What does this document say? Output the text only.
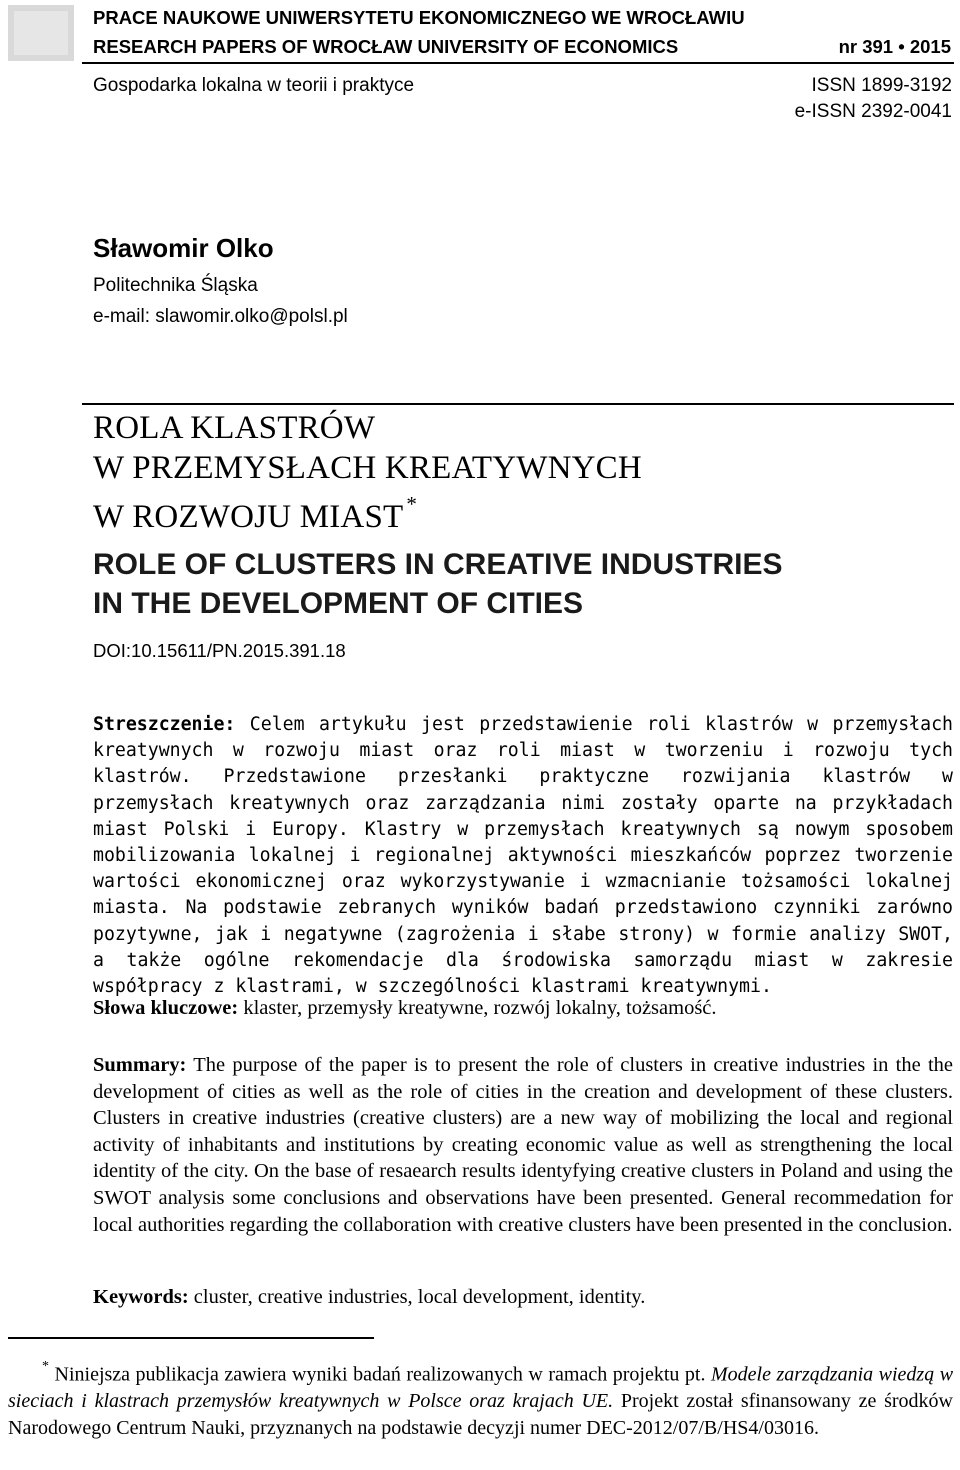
PRACE NAUKOWE UNIWERSYTETU EKONOMICZNEGO WE WROCŁAWIU
RESEARCH PAPERS OF WROCŁAW UNIVERSITY OF ECONOMICS	nr 391 • 2015
Gospodarka lokalna w teorii i praktyce	ISSN 1899-3192
e-ISSN 2392-0041
Sławomir Olko
Politechnika Śląska
e-mail: slawomir.olko@polsl.pl
ROLA KLASTRÓW
W PRZEMYSŁACH KREATYWNYCH
W ROZWOJU MIAST *
ROLE OF CLUSTERS IN CREATIVE INDUSTRIES
IN THE DEVELOPMENT OF CITIES
DOI:10.15611/PN.2015.391.18
Streszczenie: Celem artykułu jest przedstawienie roli klastrów w przemysłach kreatywnych w rozwoju miast oraz roli miast w tworzeniu i rozwoju tych klastrów. Przedstawione przesłanki praktyczne rozwijania klastrów w przemysłach kreatywnych oraz zarządzania nimi zostały oparte na przykładach miast Polski i Europy. Klastry w przemysłach kreatywnych są nowym sposobem mobilizowania lokalnej i regionalnej aktywności mieszkańców poprzez tworzenie wartości ekonomicznej oraz wykorzystywanie i wzmacnianie tożsamości lokalnej miasta. Na podstawie zebranych wyników badań przedstawiono czynniki zarówno pozytywne, jak i negatywne (zagrożenia i słabe strony) w formie analizy SWOT, a także ogólne rekomendacje dla środowiska samorządu miast w zakresie współpracy z klastrami, w szczególności klastrami kreatywnymi.
Słowa kluczowe: klaster, przemysły kreatywne, rozwój lokalny, tożsamość.
Summary: The purpose of the paper is to present the role of clusters in creative industries in the the development of cities as well as the role of cities in the creation and development of these clusters. Clusters in creative industries (creative clusters) are a new way of mobilizing the local and regional activity of inhabitants and institutions by creating economic value as well as strengthening the local identity of the city. On the base of resaearch results identyfying creative clusters in Poland and using the SWOT analysis some conclusions and observations have been presented. General recommedation for local authorities regarding the collaboration with creative clusters have been presented in the conclusion.
Keywords: cluster, creative industries, local development, identity.
* Niniejsza publikacja zawiera wyniki badań realizowanych w ramach projektu pt. Modele zarządzania wiedzą w sieciach i klastrach przemysłów kreatywnych w Polsce oraz krajach UE. Projekt został sfinansowany ze środków Narodowego Centrum Nauki, przyznanych na podstawie decyzji numer DEC-2012/07/B/HS4/03016.
